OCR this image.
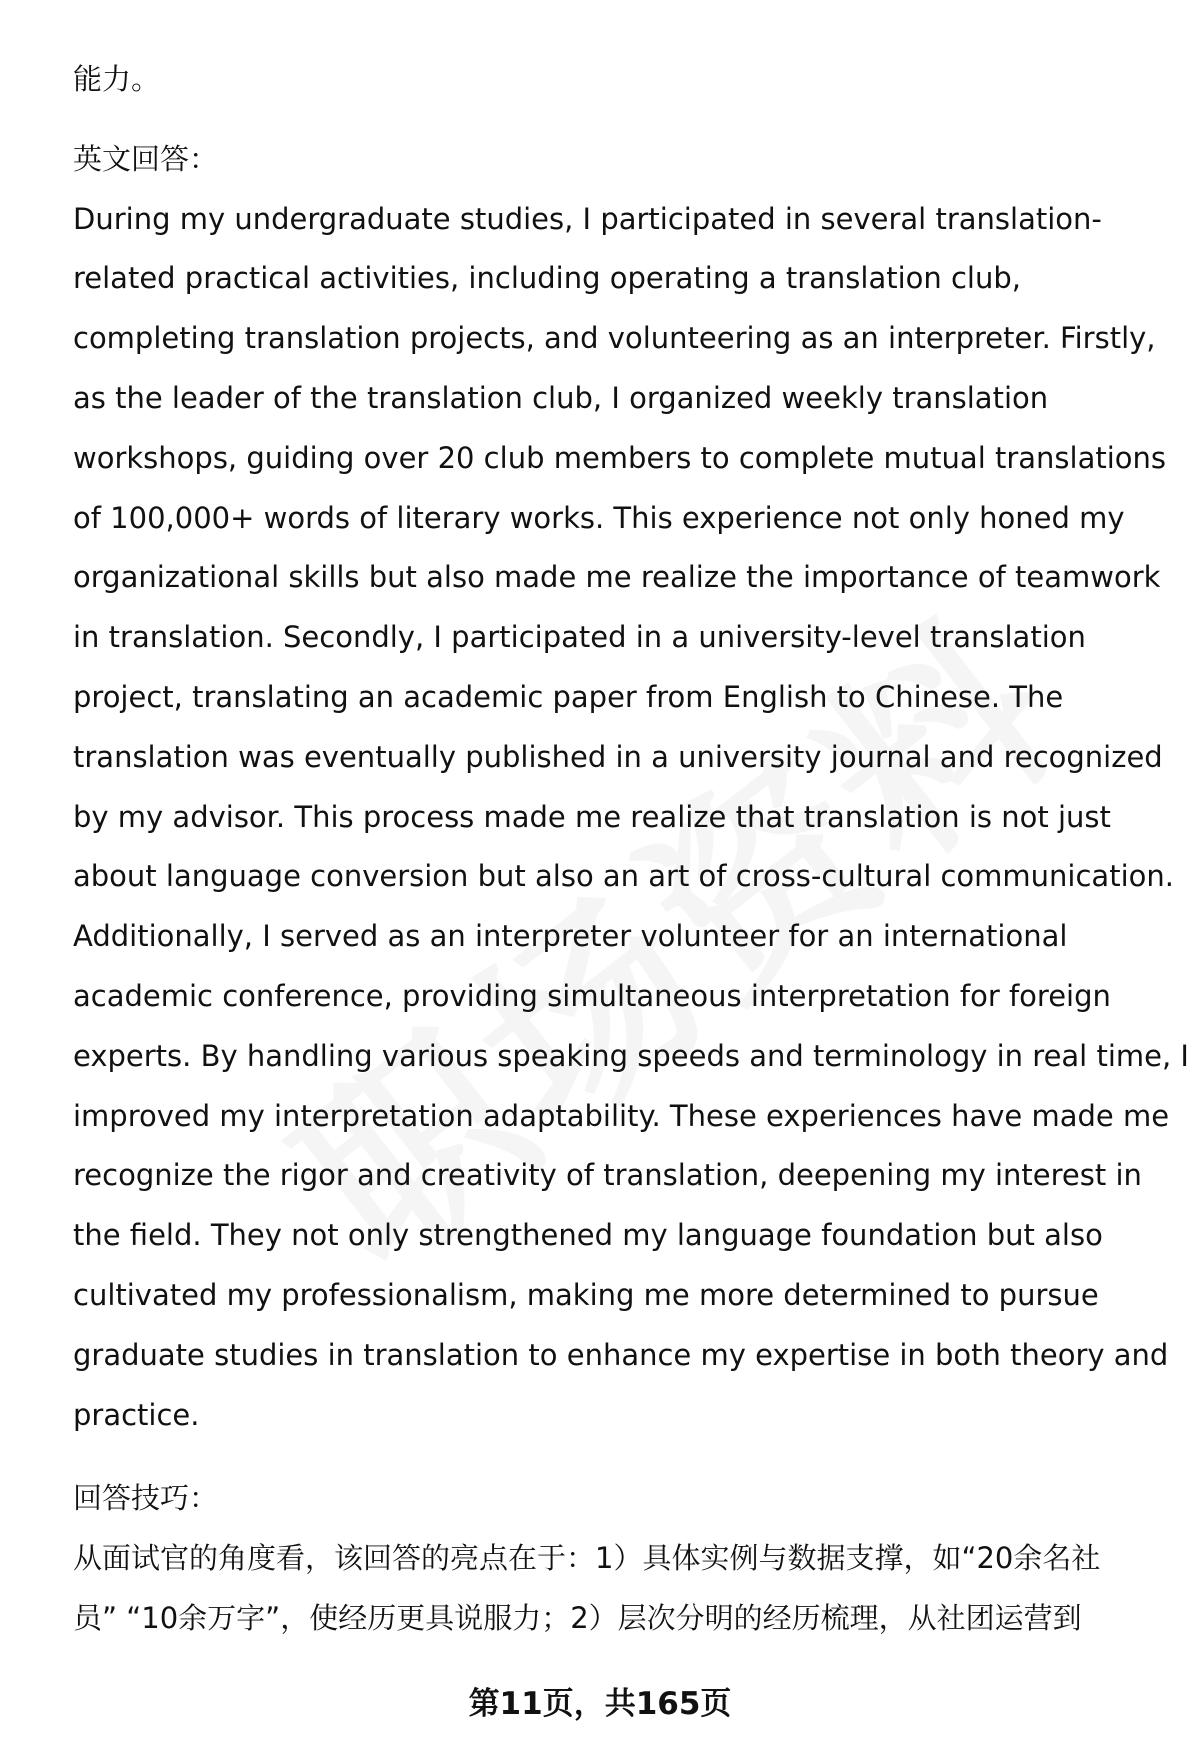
能力。

英文回答：

During my undergraduate studies, I participated in several translation-

related practical activities, including operating a translation club,

completing translation projects, and volunteering as an interpreter. Firstly,

as the leader of the translation club, I organized weekly translation

workshops, guiding over 20 club members to complete mutual translations

of 100,000+ words of literary works. This experience not only honed my

organizational skills but also made me realize the importance of teamwork

in translation. Secondly, I participated in a university-level translation

project, translating an academic paper from English to Chinese. The

translation was eventually published in a university journal and recognized

by my advisor. This process made me realize that translation is not just

about language conversion but also an art of cross-cultural communication.

Additionally, I served as an interpreter volunteer for an international

academic conference, providing simultaneous interpretation for foreign

experts. By handling various speaking speeds and terminology in real time, I

improved my interpretation adaptability. These experiences have made me

recognize the rigor and creativity of translation, deepening my interest in

the field. They not only strengthened my language foundation but also

cultivated my professionalism, making me more determined to pursue

graduate studies in translation to enhance my expertise in both theory and

practice.

回答技巧：

从面试官的角度看，该回答的亮点在于：1）具体实例与数据支撑，如“20余名社

员” “10余万字”，使经历更具说服力；2）层次分明的经历梳理，从社团运营到

第11页，共165页
